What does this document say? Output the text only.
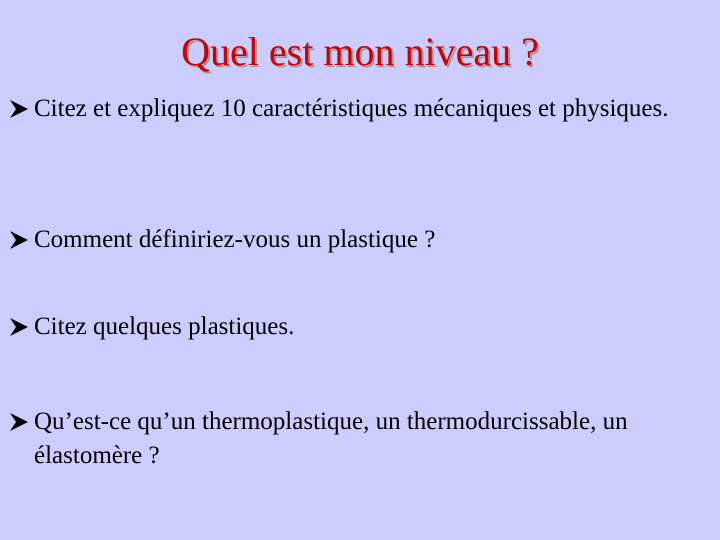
Quel est mon niveau ?
Citez et expliquez 10 caractéristiques mécaniques et physiques.
Comment définiriez-vous un plastique ?
Citez quelques plastiques.
Qu’est-ce qu’un thermoplastique, un thermodurcissable, un élastomère ?
